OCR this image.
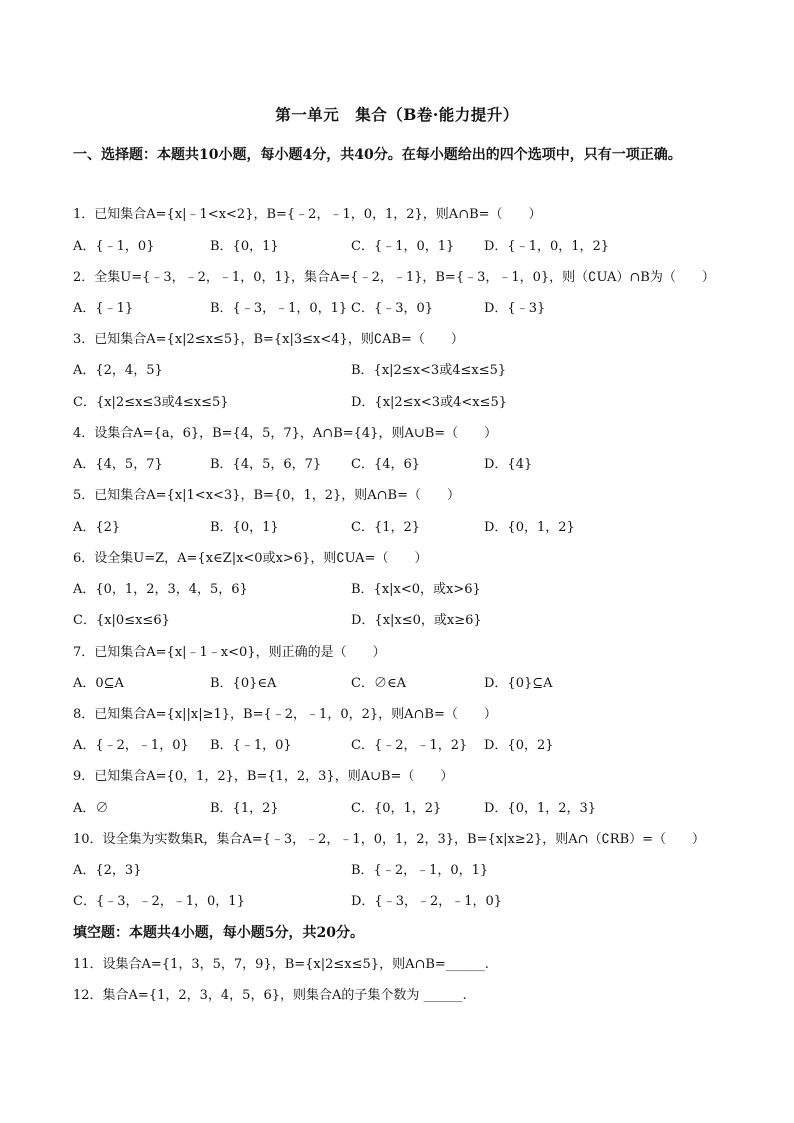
第一单元　集合（B卷·能力提升）
一、选择题：本题共10小题，每小题4分，共40分。在每小题给出的四个选项中，只有一项正确。
1．已知集合A={x|﹣1<x<2}，B={﹣2，﹣1，0，1，2}，则A∩B=（　　）
A．{﹣1，0}	B．{0，1}	C．{﹣1，0，1} D．{﹣1，0，1，2}
2．全集U={﹣3，﹣2，﹣1，0，1}，集合A={﹣2，﹣1}，B={﹣3，﹣1，0}，则（∁UA）∩B为（　　）
A．{﹣1}	B．{﹣3，﹣1，0，1} C．{﹣3，0}	D．{﹣3}
3．已知集合A={x|2≤x≤5}，B={x|3≤x<4}，则∁AB=（　　）
A．{2，4，5}	B．{x|2≤x<3或4≤x≤5}
C．{x|2≤x≤3或4≤x≤5}	D．{x|2≤x<3或4<x≤5}
4．设集合A={a，6}，B={4，5，7}，A∩B={4}，则A∪B=（　　）
A．{4，5，7}	B．{4，5，6，7} C．{4，6}	D．{4}
5．已知集合A={x|1<x<3}，B={0，1，2}，则A∩B=（　　）
A．{2}	B．{0，1}	C．{1，2}	D．{0，1，2}
6．设全集U=Z，A={x∈Z|x<0或x>6}，则∁UA=（　　）
A．{0，1，2，3，4，5，6}	B．{x|x<0，或x>6}
C．{x|0≤x≤6}	D．{x|x≤0，或x≥6}
7．已知集合A={x|﹣1﹣x<0}，则正确的是（　　）
A．0⊆A	B．{0}∈A	C．∅∈A	D．{0}⊆A
8．已知集合A={x||x|≥1}，B={﹣2，﹣1，0，2}，则A∩B=（　　）
A．{﹣2，﹣1，0} B．{﹣1，0}	C．{﹣2，﹣1，2} D．{0，2}
9．已知集合A={0，1，2}，B={1，2，3}，则A∪B=（　　）
A．∅	B．{1，2}	C．{0，1，2}	D．{0，1，2，3}
10．设全集为实数集R，集合A={﹣3，﹣2，﹣1，0，1，2，3}，B={x|x≥2}，则A∩（∁RB）=（　　）
A．{2，3}	B．{﹣2，﹣1，0，1}
C．{﹣3，﹣2，﹣1，0，1}	D．{﹣3，﹣2，﹣1，0}
填空题：本题共4小题，每小题5分，共20分。
11．设集合A={1，3，5，7，9}，B={x|2≤x≤5}，则A∩B=______.
12．集合A={1，2，3，4，5，6}，则集合A的子集个数为 ______.
